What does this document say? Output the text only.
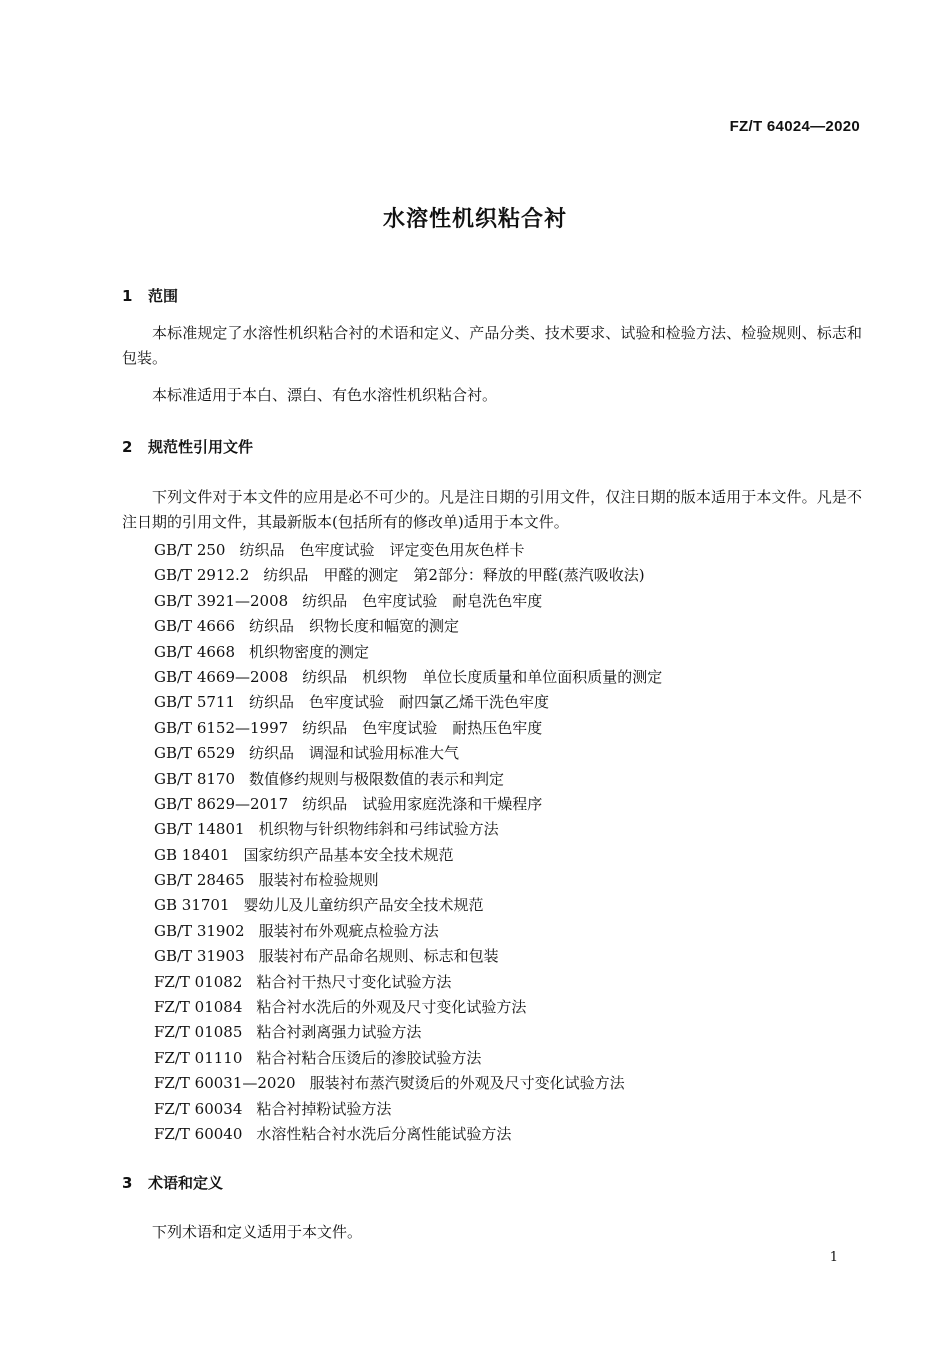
FZ/T 64024—2020
水溶性机织粘合衬
1 范围

本标准规定了水溶性机织粘合衬的术语和定义、产品分类、技术要求、试验和检验方法、检验规则、标志和包装。

本标准适用于本白、漂白、有色水溶性机织粘合衬。

2 规范性引用文件

下列文件对于本文件的应用是必不可少的。凡是注日期的引用文件，仅注日期的版本适用于本文件。凡是不注日期的引用文件，其最新版本(包括所有的修改单)适用于本文件。

GB/T 250 纺织品　色牢度试验　评定变色用灰色样卡
GB/T 2912.2 纺织品　甲醛的测定　第2部分：释放的甲醛(蒸汽吸收法)
GB/T 3921—2008 纺织品　色牢度试验　耐皂洗色牢度
GB/T 4666 纺织品　织物长度和幅宽的测定
GB/T 4668 机织物密度的测定
GB/T 4669—2008 纺织品　机织物　单位长度质量和单位面积质量的测定
GB/T 5711 纺织品　色牢度试验　耐四氯乙烯干洗色牢度
GB/T 6152—1997 纺织品　色牢度试验　耐热压色牢度
GB/T 6529 纺织品　调湿和试验用标准大气
GB/T 8170 数值修约规则与极限数值的表示和判定
GB/T 8629—2017 纺织品　试验用家庭洗涤和干燥程序
GB/T 14801 机织物与针织物纬斜和弓纬试验方法
GB 18401 国家纺织产品基本安全技术规范
GB/T 28465 服装衬布检验规则
GB 31701 婴幼儿及儿童纺织产品安全技术规范
GB/T 31902 服装衬布外观疵点检验方法
GB/T 31903 服装衬布产品命名规则、标志和包装
FZ/T 01082 粘合衬干热尺寸变化试验方法
FZ/T 01084 粘合衬水洗后的外观及尺寸变化试验方法
FZ/T 01085 粘合衬剥离强力试验方法
FZ/T 01110 粘合衬粘合压烫后的渗胶试验方法
FZ/T 60031—2020 服装衬布蒸汽熨烫后的外观及尺寸变化试验方法
FZ/T 60034 粘合衬掉粉试验方法
FZ/T 60040 水溶性粘合衬水洗后分离性能试验方法
3 术语和定义

下列术语和定义适用于本文件。

1
